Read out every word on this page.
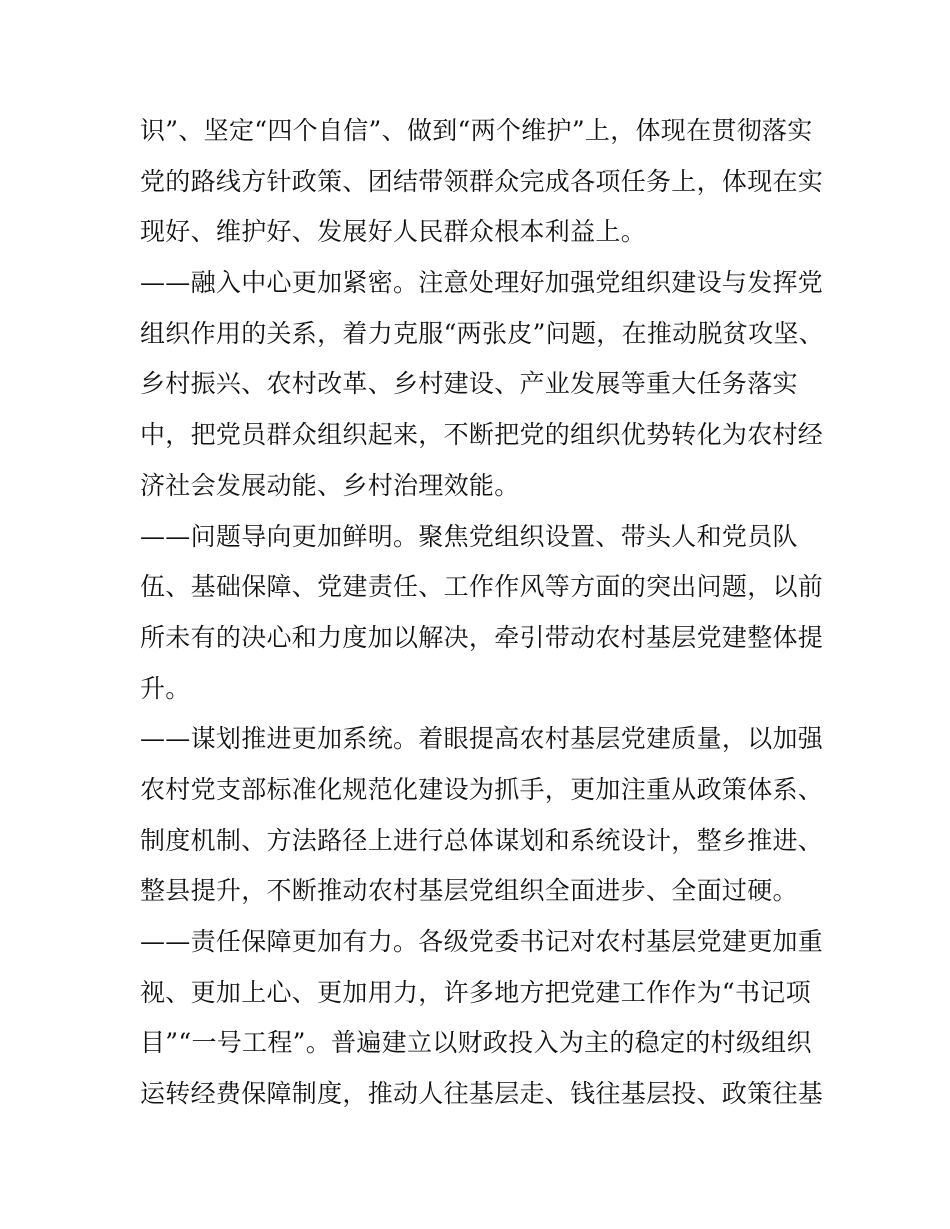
识”、坚定“四个自信”、做到“两个维护”上，体现在贯彻落实
党的路线方针政策、团结带领群众完成各项任务上，体现在实
现好、维护好、发展好人民群众根本利益上。
——融入中心更加紧密。注意处理好加强党组织建设与发挥党
组织作用的关系，着力克服“两张皮”问题，在推动脱贫攻坚、
乡村振兴、农村改革、乡村建设、产业发展等重大任务落实
中，把党员群众组织起来，不断把党的组织优势转化为农村经
济社会发展动能、乡村治理效能。
——问题导向更加鲜明。聚焦党组织设置、带头人和党员队
伍、基础保障、党建责任、工作作风等方面的突出问题，以前
所未有的决心和力度加以解决，牵引带动农村基层党建整体提
升。
——谋划推进更加系统。着眼提高农村基层党建质量，以加强
农村党支部标准化规范化建设为抓手，更加注重从政策体系、
制度机制、方法路径上进行总体谋划和系统设计，整乡推进、
整县提升，不断推动农村基层党组织全面进步、全面过硬。
——责任保障更加有力。各级党委书记对农村基层党建更加重
视、更加上心、更加用力，许多地方把党建工作作为“书记项
目”“一号工程”。普遍建立以财政投入为主的稳定的村级组织
运转经费保障制度，推动人往基层走、钱往基层投、政策往基
